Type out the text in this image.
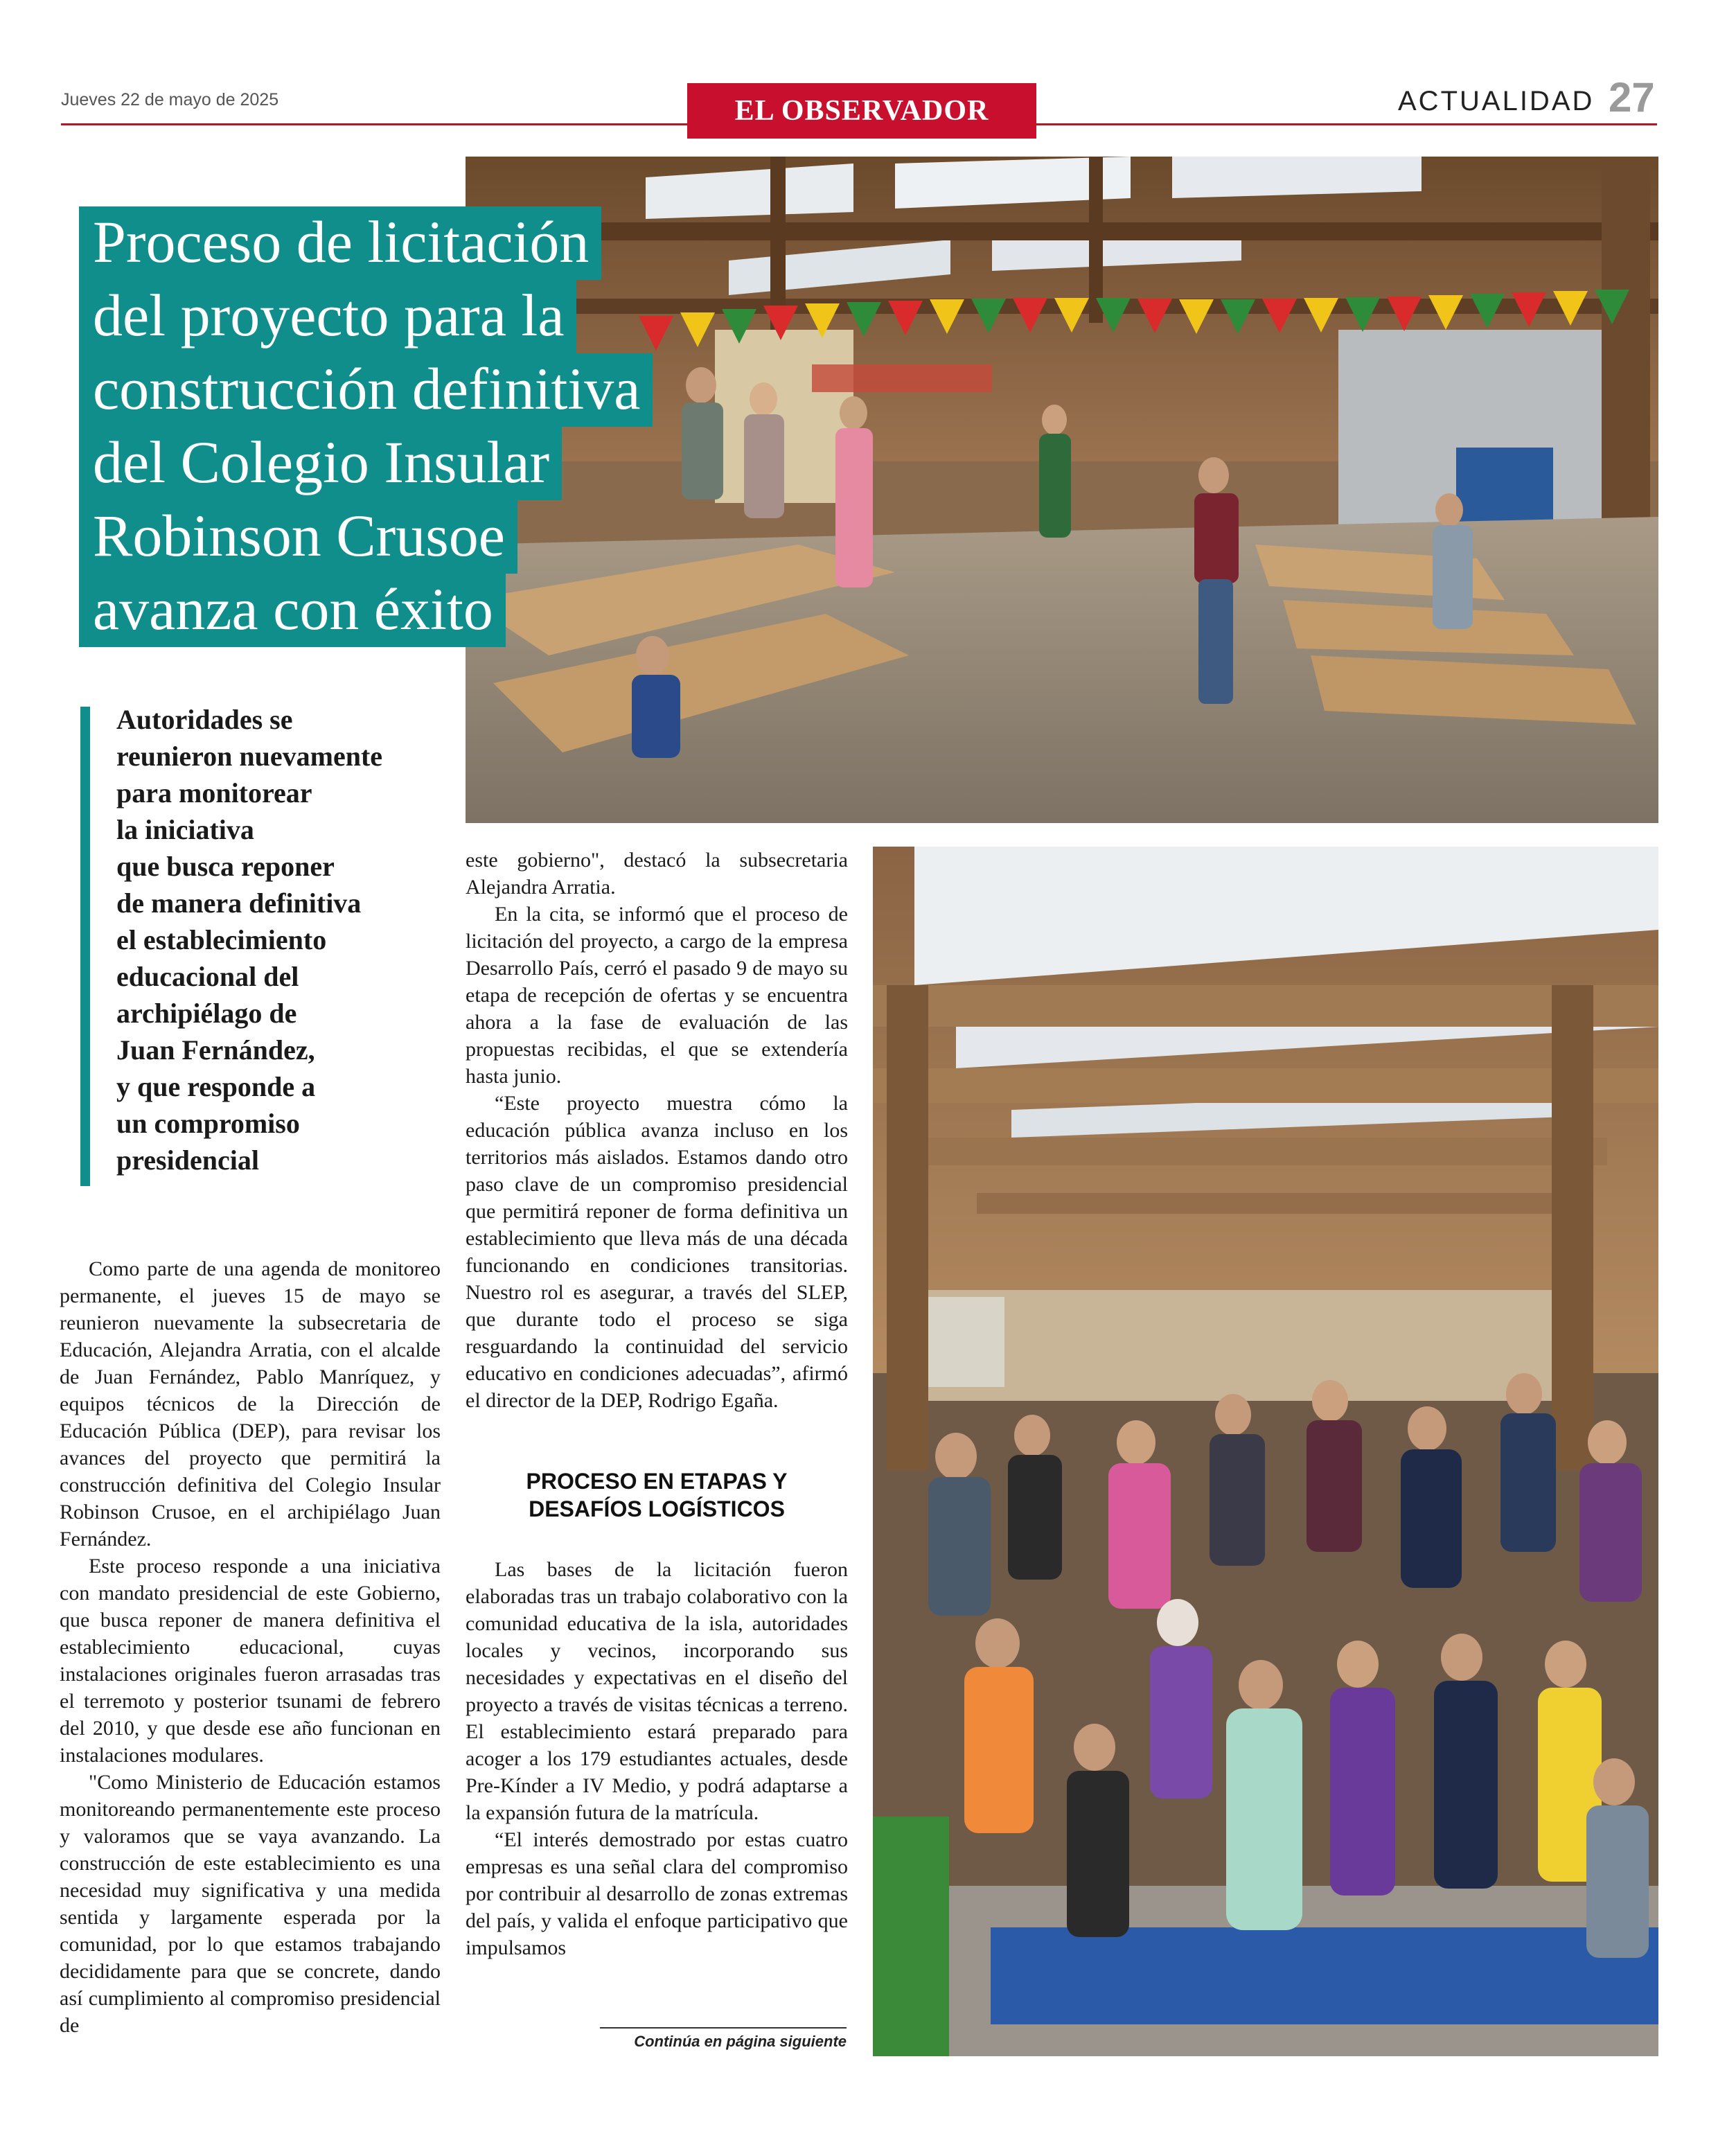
Jueves 22 de mayo de 2025	EL OBSERVADOR	ACTUALIDAD 27
Proceso de licitación
del proyecto para la
construcción definitiva
del Colegio Insular
Robinson Crusoe
avanza con éxito
Autoridades se
reunieron nuevamente
para monitorear
la iniciativa
que busca reponer
de manera definitiva
el establecimiento
educacional del
archipiélago de
Juan Fernández,
y que responde a
un compromiso
presidencial

Como parte de una agenda de monitoreo permanente, el jueves 15 de mayo se reunieron nuevamente la subsecretaria de Educación, Alejandra Arratia, con el alcalde de Juan Fernández, Pablo Manríquez, y equipos técnicos de la Dirección de Educación Pública (DEP), para revisar los avances del proyecto que permitirá la construcción definitiva del Colegio Insular Robinson Crusoe, en el archipiélago Juan Fernández.

Este proceso responde a una iniciativa con mandato presidencial de este Gobierno, que busca reponer de manera definitiva el establecimiento educacional, cuyas instalaciones originales fueron arrasadas tras el terremoto y posterior tsunami de febrero del 2010, y que desde ese año funcionan en instalaciones modulares.

"Como Ministerio de Educación estamos monitoreando permanentemente este proceso y valoramos que se vaya avanzando. La construcción de este establecimiento es una necesidad muy significativa y una medida sentida y largamente esperada por la comunidad, por lo que estamos trabajando decididamente para que se concrete, dando así cumplimiento al compromiso presidencial de

este gobierno", destacó la subsecretaria Alejandra Arratia.

En la cita, se informó que el proceso de licitación del proyecto, a cargo de la empresa Desarrollo País, cerró el pasado 9 de mayo su etapa de recepción de ofertas y se encuentra ahora a la fase de evaluación de las propuestas recibidas, el que se extendería hasta junio.

“Este proyecto muestra cómo la educación pública avanza incluso en los territorios más aislados. Estamos dando otro paso clave de un compromiso presidencial que permitirá reponer de forma definitiva un establecimiento que lleva más de una década funcionando en condiciones transitorias. Nuestro rol es asegurar, a través del SLEP, que durante todo el proceso se siga resguardando la continuidad del servicio educativo en condiciones adecuadas”, afirmó el director de la DEP, Rodrigo Egaña.

PROCESO EN ETAPAS Y
DESAFÍOS LOGÍSTICOS

Las bases de la licitación fueron elaboradas tras un trabajo colaborativo con la comunidad educativa de la isla, autoridades locales y vecinos, incorporando sus necesidades y expectativas en el diseño del proyecto a través de visitas técnicas a terreno. El establecimiento estará preparado para acoger a los 179 estudiantes actuales, desde Pre-Kínder a IV Medio, y podrá adaptarse a la expansión futura de la matrícula.

“El interés demostrado por estas cuatro empresas es una señal clara del compromiso por contribuir al desarrollo de zonas extremas del país, y valida el enfoque participativo que impulsamos

Continúa en página siguiente
